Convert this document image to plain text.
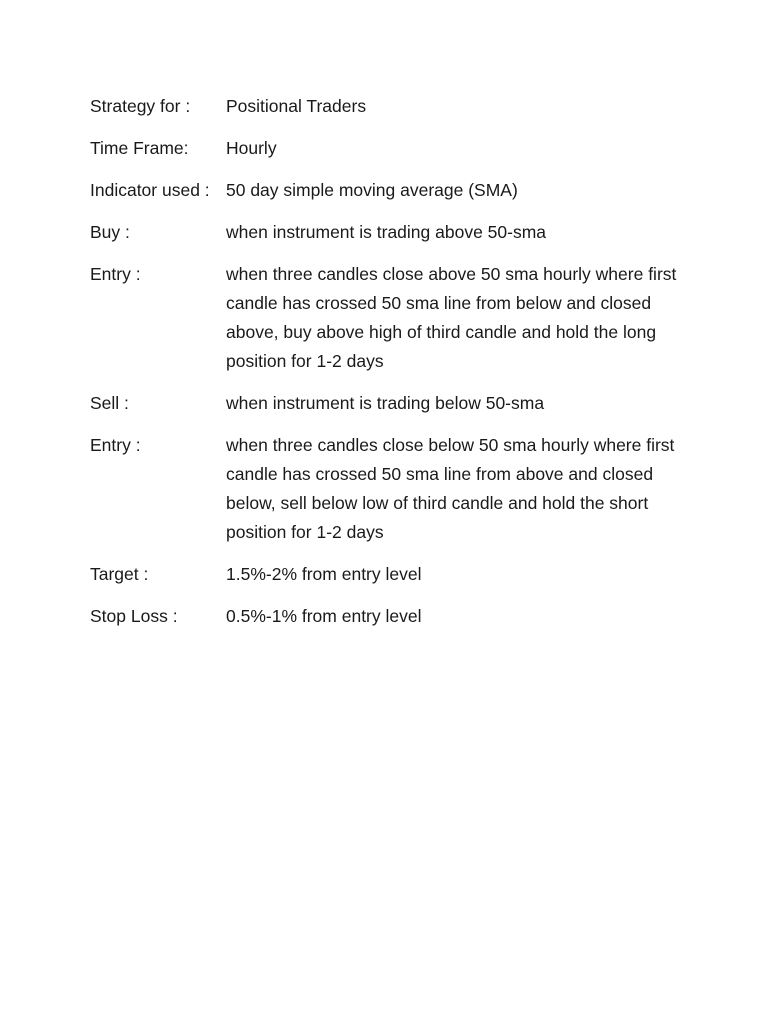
Strategy for :	Positional Traders
Time Frame:	Hourly
Indicator used : 50 day simple moving average (SMA)
Buy :	when instrument is trading above 50-sma
Entry :	when three candles close above 50 sma hourly where first candle has crossed 50 sma line from below and closed above, buy above high of third candle and hold the long position for 1-2 days
Sell :	when instrument is trading below 50-sma
Entry :	when three candles close below 50 sma hourly where first candle has crossed 50 sma line from above and closed below, sell below low of third candle and hold the short position for 1-2 days
Target :	1.5%-2% from entry level
Stop Loss :	0.5%-1% from entry level
